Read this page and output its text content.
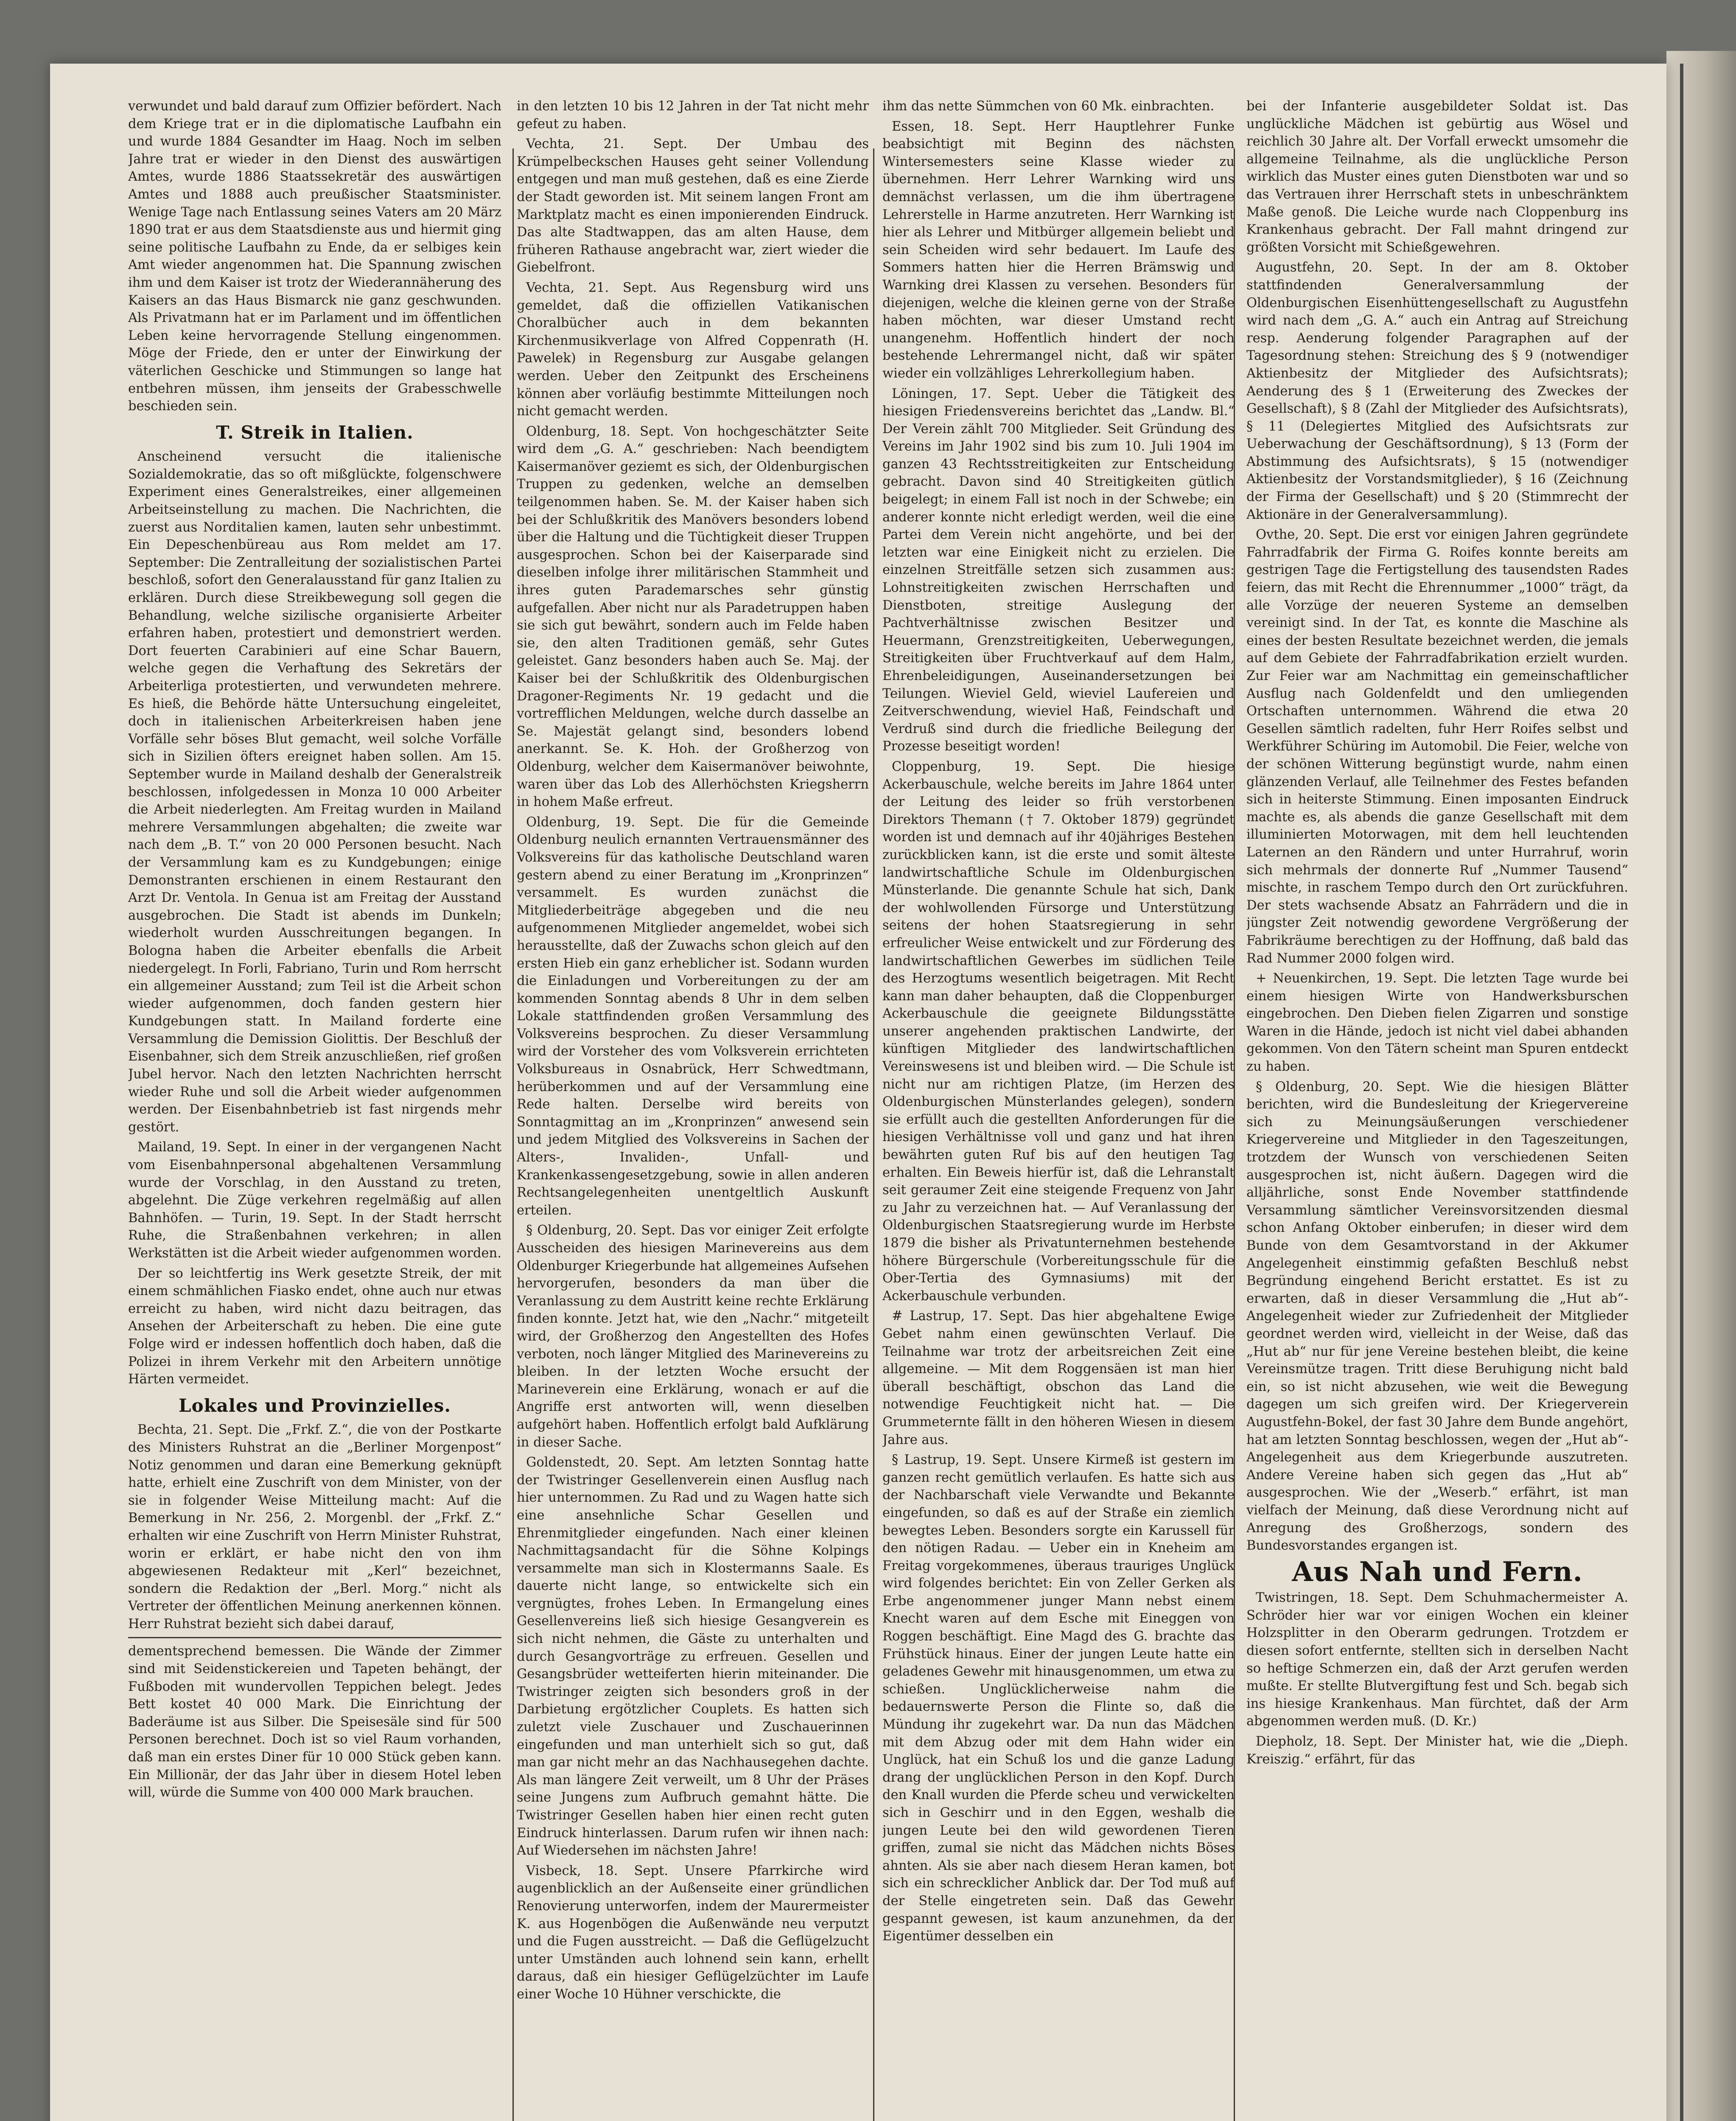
verwundet und bald darauf zum Offizier befördert. Nach dem Kriege trat er in die diplomatische Laufbahn ein und wurde 1884 Gesandter im Haag. Noch im selben Jahre trat er wieder in den Dienst des auswärtigen Amtes, wurde 1886 Staatssekretär des auswärtigen Amtes und 1888 auch preußischer Staatsminister. Wenige Tage nach Entlassung seines Vaters am 20 März 1890 trat er aus dem Staatsdienste aus und hiermit ging seine politische Laufbahn zu Ende, da er selbiges kein Amt wieder angenommen hat. Die Spannung zwischen ihm und dem Kaiser ist trotz der Wiederannäherung des Kaisers an das Haus Bismarck nie ganz geschwunden. Als Privatmann hat er im Parlament und im öffentlichen Leben keine hervorragende Stellung eingenommen. Möge der Friede, den er unter der Einwirkung der väterlichen Geschicke und Stimmungen so lange hat entbehren müssen, ihm jenseits der Grabesschwelle beschieden sein.

T. Streik in Italien.

Anscheinend versucht die italienische Sozialdemokratie, das so oft mißglückte, folgenschwere Experiment eines Generalstreikes, einer allgemeinen Arbeitseinstellung zu machen. Die Nachrichten, die zuerst aus Norditalien kamen, lauten sehr unbestimmt. Ein Depeschenbüreau aus Rom meldet am 17. September: Die Zentralleitung der sozialistischen Partei beschloß, sofort den Generalausstand für ganz Italien zu erklären. Durch diese Streikbewegung soll gegen die Behandlung, welche sizilische organisierte Arbeiter erfahren haben, protestiert und demonstriert werden. Dort feuerten Carabinieri auf eine Schar Bauern, welche gegen die Verhaftung des Sekretärs der Arbeiterliga protestierten, und verwundeten mehrere. Es hieß, die Behörde hätte Untersuchung eingeleitet, doch in italienischen Arbeiterkreisen haben jene Vorfälle sehr böses Blut gemacht, weil solche Vorfälle sich in Sizilien öfters ereignet haben sollen. Am 15. September wurde in Mailand deshalb der Generalstreik beschlossen, infolgedessen in Monza 10 000 Arbeiter die Arbeit niederlegten. Am Freitag wurden in Mailand mehrere Versammlungen abgehalten; die zweite war nach dem „B. T.“ von 20 000 Personen besucht. Nach der Versammlung kam es zu Kundgebungen; einige Demonstranten erschienen in einem Restaurant den Arzt Dr. Ventola. In Genua ist am Freitag der Ausstand ausgebrochen. Die Stadt ist abends im Dunkeln; wiederholt wurden Ausschreitungen begangen. In Bologna haben die Arbeiter ebenfalls die Arbeit niedergelegt. In Forli, Fabriano, Turin und Rom herrscht ein allgemeiner Ausstand; zum Teil ist die Arbeit schon wieder aufgenommen, doch fanden gestern hier Kundgebungen statt. In Mailand forderte eine Versammlung die Demission Giolittis. Der Beschluß der Eisenbahner, sich dem Streik anzuschließen, rief großen Jubel hervor. Nach den letzten Nachrichten herrscht wieder Ruhe und soll die Arbeit wieder aufgenommen werden. Der Eisenbahnbetrieb ist fast nirgends mehr gestört.

Mailand, 19. Sept. In einer in der vergangenen Nacht vom Eisenbahnpersonal abgehaltenen Versammlung wurde der Vorschlag, in den Ausstand zu treten, abgelehnt. Die Züge verkehren regelmäßig auf allen Bahnhöfen. — Turin, 19. Sept. In der Stadt herrscht Ruhe, die Straßenbahnen verkehren; in allen Werkstätten ist die Arbeit wieder aufgenommen worden.

Der so leichtfertig ins Werk gesetzte Streik, der mit einem schmählichen Fiasko endet, ohne auch nur etwas erreicht zu haben, wird nicht dazu beitragen, das Ansehen der Arbeiterschaft zu heben. Die eine gute Folge wird er indessen hoffentlich doch haben, daß die Polizei in ihrem Verkehr mit den Arbeitern unnötige Härten vermeidet.

Lokales und Provinzielles.

Bechta, 21. Sept. Die „Frkf. Z.“, die von der Postkarte des Ministers Ruhstrat an die „Berliner Morgenpost“ Notiz genommen und daran eine Bemerkung geknüpft hatte, erhielt eine Zuschrift von dem Minister, von der sie in folgender Weise Mitteilung macht: Auf die Bemerkung in Nr. 256, 2. Morgenbl. der „Frkf. Z.“ erhalten wir eine Zuschrift von Herrn Minister Ruhstrat, worin er erklärt, er habe nicht den von ihm abgewiesenen Redakteur mit „Kerl“ bezeichnet, sondern die Redaktion der „Berl. Morg.“ nicht als Vertreter der öffentlichen Meinung anerkennen können. Herr Ruhstrat bezieht sich dabei darauf,

dementsprechend bemessen. Die Wände der Zimmer sind mit Seidenstickereien und Tapeten behängt, der Fußboden mit wundervollen Teppichen belegt. Jedes Bett kostet 40 000 Mark. Die Einrichtung der Baderäume ist aus Silber. Die Speisesäle sind für 500 Personen berechnet. Doch ist so viel Raum vorhanden, daß man ein erstes Diner für 10 000 Stück geben kann. Ein Millionär, der das Jahr über in diesem Hotel leben will, würde die Summe von 400 000 Mark brauchen.

in den letzten 10 bis 12 Jahren in der Tat nicht mehr gefeut zu haben.

Vechta, 21. Sept. Der Umbau des Krümpelbeckschen Hauses geht seiner Vollendung entgegen und man muß gestehen, daß es eine Zierde der Stadt geworden ist. Mit seinem langen Front am Marktplatz macht es einen imponierenden Eindruck. Das alte Stadtwappen, das am alten Hause, dem früheren Rathause angebracht war, ziert wieder die Giebelfront.

Vechta, 21. Sept. Aus Regensburg wird uns gemeldet, daß die offiziellen Vatikanischen Choralbücher auch in dem bekannten Kirchenmusikverlage von Alfred Coppenrath (H. Pawelek) in Regensburg zur Ausgabe gelangen werden. Ueber den Zeitpunkt des Erscheinens können aber vorläufig bestimmte Mitteilungen noch nicht gemacht werden.

Oldenburg, 18. Sept. Von hochgeschätzter Seite wird dem „G. A.“ geschrieben: Nach beendigtem Kaisermanöver geziemt es sich, der Oldenburgischen Truppen zu gedenken, welche an demselben teilgenommen haben. Se. M. der Kaiser haben sich bei der Schlußkritik des Manövers besonders lobend über die Haltung und die Tüchtigkeit dieser Truppen ausgesprochen. Schon bei der Kaiserparade sind dieselben infolge ihrer militärischen Stammheit und ihres guten Parademarsches sehr günstig aufgefallen. Aber nicht nur als Paradetruppen haben sie sich gut bewährt, sondern auch im Felde haben sie, den alten Traditionen gemäß, sehr Gutes geleistet. Ganz besonders haben auch Se. Maj. der Kaiser bei der Schlußkritik des Oldenburgischen Dragoner-Regiments Nr. 19 gedacht und die vortrefflichen Meldungen, welche durch dasselbe an Se. Majestät gelangt sind, besonders lobend anerkannt. Se. K. Hoh. der Großherzog von Oldenburg, welcher dem Kaisermanöver beiwohnte, waren über das Lob des Allerhöchsten Kriegsherrn in hohem Maße erfreut.

Oldenburg, 19. Sept. Die für die Gemeinde Oldenburg neulich ernannten Vertrauensmänner des Volksvereins für das katholische Deutschland waren gestern abend zu einer Beratung im „Kronprinzen“ versammelt. Es wurden zunächst die Mitgliederbeiträge abgegeben und die neu aufgenommenen Mitglieder angemeldet, wobei sich herausstellte, daß der Zuwachs schon gleich auf den ersten Hieb ein ganz erheblicher ist. Sodann wurden die Einladungen und Vorbereitungen zu der am kommenden Sonntag abends 8 Uhr in dem selben Lokale stattfindenden großen Versammlung des Volksvereins besprochen. Zu dieser Versammlung wird der Vorsteher des vom Volksverein errichteten Volksbureaus in Osnabrück, Herr Schwedtmann, herüberkommen und auf der Versammlung eine Rede halten. Derselbe wird bereits von Sonntagmittag an im „Kronprinzen“ anwesend sein und jedem Mitglied des Volksvereins in Sachen der Alters-, Invaliden-, Unfall- und Krankenkassengesetzgebung, sowie in allen anderen Rechtsangelegenheiten unentgeltlich Auskunft erteilen.

§ Oldenburg, 20. Sept. Das vor einiger Zeit erfolgte Ausscheiden des hiesigen Marinevereins aus dem Oldenburger Kriegerbunde hat allgemeines Aufsehen hervorgerufen, besonders da man über die Veranlassung zu dem Austritt keine rechte Erklärung finden konnte. Jetzt hat, wie den „Nachr.“ mitgeteilt wird, der Großherzog den Angestellten des Hofes verboten, noch länger Mitglied des Marinevereins zu bleiben. In der letzten Woche ersucht der Marineverein eine Erklärung, wonach er auf die Angriffe erst antworten will, wenn dieselben aufgehört haben. Hoffentlich erfolgt bald Aufklärung in dieser Sache.

Goldenstedt, 20. Sept. Am letzten Sonntag hatte der Twistringer Gesellenverein einen Ausflug nach hier unternommen. Zu Rad und zu Wagen hatte sich eine ansehnliche Schar Gesellen und Ehrenmitglieder eingefunden. Nach einer kleinen Nachmittagsandacht für die Söhne Kolpings versammelte man sich in Klostermanns Saale. Es dauerte nicht lange, so entwickelte sich ein vergnügtes, frohes Leben. In Ermangelung eines Gesellenvereins ließ sich hiesige Gesangverein es sich nicht nehmen, die Gäste zu unterhalten und durch Gesangvorträge zu erfreuen. Gesellen und Gesangsbrüder wetteiferten hierin miteinander. Die Twistringer zeigten sich besonders groß in der Darbietung ergötzlicher Couplets. Es hatten sich zuletzt viele Zuschauer und Zuschauerinnen eingefunden und man unterhielt sich so gut, daß man gar nicht mehr an das Nachhausegehen dachte. Als man längere Zeit verweilt, um 8 Uhr der Präses seine Jungens zum Aufbruch gemahnt hätte. Die Twistringer Gesellen haben hier einen recht guten Eindruck hinterlassen. Darum rufen wir ihnen nach: Auf Wiedersehen im nächsten Jahre!

Visbeck, 18. Sept. Unsere Pfarrkirche wird augenblicklich an der Außenseite einer gründlichen Renovierung unterworfen, indem der Maurermeister K. aus Hogenbögen die Außenwände neu verputzt und die Fugen ausstreicht. — Daß die Geflügelzucht unter Umständen auch lohnend sein kann, erhellt daraus, daß ein hiesiger Geflügelzüchter im Laufe einer Woche 10 Hühner verschickte, die

ihm das nette Sümmchen von 60 Mk. einbrachten.

Essen, 18. Sept. Herr Hauptlehrer Funke beabsichtigt mit Beginn des nächsten Wintersemesters seine Klasse wieder zu übernehmen. Herr Lehrer Warnking wird uns demnächst verlassen, um die ihm übertragene Lehrerstelle in Harme anzutreten. Herr Warnking ist hier als Lehrer und Mitbürger allgemein beliebt und sein Scheiden wird sehr bedauert. Im Laufe des Sommers hatten hier die Herren Brämswig und Warnking drei Klassen zu versehen. Besonders für diejenigen, welche die kleinen gerne von der Straße haben möchten, war dieser Umstand recht unangenehm. Hoffentlich hindert der noch bestehende Lehrermangel nicht, daß wir später wieder ein vollzähliges Lehrerkollegium haben.

Löningen, 17. Sept. Ueber die Tätigkeit des hiesigen Friedensvereins berichtet das „Landw. Bl.“ Der Verein zählt 700 Mitglieder. Seit Gründung des Vereins im Jahr 1902 sind bis zum 10. Juli 1904 im ganzen 43 Rechtsstreitigkeiten zur Entscheidung gebracht. Davon sind 40 Streitigkeiten gütlich beigelegt; in einem Fall ist noch in der Schwebe; ein anderer konnte nicht erledigt werden, weil die eine Partei dem Verein nicht angehörte, und bei der letzten war eine Einigkeit nicht zu erzielen. Die einzelnen Streitfälle setzen sich zusammen aus: Lohnstreitigkeiten zwischen Herrschaften und Dienstboten, streitige Auslegung der Pachtverhältnisse zwischen Besitzer und Heuermann, Grenzstreitigkeiten, Ueberwegungen, Streitigkeiten über Fruchtverkauf auf dem Halm, Ehrenbeleidigungen, Auseinandersetzungen bei Teilungen. Wieviel Geld, wieviel Laufereien und Zeitverschwendung, wieviel Haß, Feindschaft und Verdruß sind durch die friedliche Beilegung der Prozesse beseitigt worden!

Cloppenburg, 19. Sept. Die hiesige Ackerbauschule, welche bereits im Jahre 1864 unter der Leitung des leider so früh verstorbenen Direktors Themann († 7. Oktober 1879) gegründet worden ist und demnach auf ihr 40jähriges Bestehen zurückblicken kann, ist die erste und somit älteste landwirtschaftliche Schule im Oldenburgischen Münsterlande. Die genannte Schule hat sich, Dank der wohlwollenden Fürsorge und Unterstützung seitens der hohen Staatsregierung in sehr erfreulicher Weise entwickelt und zur Förderung des landwirtschaftlichen Gewerbes im südlichen Teile des Herzogtums wesentlich beigetragen. Mit Recht kann man daher behaupten, daß die Cloppenburger Ackerbauschule die geeignete Bildungsstätte unserer angehenden praktischen Landwirte, der künftigen Mitglieder des landwirtschaftlichen Vereinswesens ist und bleiben wird. — Die Schule ist nicht nur am richtigen Platze, (im Herzen des Oldenburgischen Münsterlandes gelegen), sondern sie erfüllt auch die gestellten Anforderungen für die hiesigen Verhältnisse voll und ganz und hat ihren bewährten guten Ruf bis auf den heutigen Tag erhalten. Ein Beweis hierfür ist, daß die Lehranstalt seit geraumer Zeit eine steigende Frequenz von Jahr zu Jahr zu verzeichnen hat. — Auf Veranlassung der Oldenburgischen Staatsregierung wurde im Herbste 1879 die bisher als Privatunternehmen bestehende höhere Bürgerschule (Vorbereitungsschule für die Ober-Tertia des Gymnasiums) mit der Ackerbauschule verbunden.

# Lastrup, 17. Sept. Das hier abgehaltene Ewige Gebet nahm einen gewünschten Verlauf. Die Teilnahme war trotz der arbeitsreichen Zeit eine allgemeine. — Mit dem Roggensäen ist man hier überall beschäftigt, obschon das Land die notwendige Feuchtigkeit nicht hat. — Die Grummeternte fällt in den höheren Wiesen in diesem Jahre aus.

§ Lastrup, 19. Sept. Unsere Kirmeß ist gestern im ganzen recht gemütlich verlaufen. Es hatte sich aus der Nachbarschaft viele Verwandte und Bekannte eingefunden, so daß es auf der Straße ein ziemlich bewegtes Leben. Besonders sorgte ein Karussell für den nötigen Radau. — Ueber ein in Kneheim am Freitag vorgekommenes, überaus trauriges Unglück wird folgendes berichtet: Ein von Zeller Gerken als Erbe angenommener junger Mann nebst einem Knecht waren auf dem Esche mit Eineggen von Roggen beschäftigt. Eine Magd des G. brachte das Frühstück hinaus. Einer der jungen Leute hatte ein geladenes Gewehr mit hinausgenommen, um etwa zu schießen. Unglücklicherweise nahm die bedauernswerte Person die Flinte so, daß die Mündung ihr zugekehrt war. Da nun das Mädchen mit dem Abzug oder mit dem Hahn wider ein Unglück, hat ein Schuß los und die ganze Ladung drang der unglücklichen Person in den Kopf. Durch den Knall wurden die Pferde scheu und verwickelten sich in Geschirr und in den Eggen, weshalb die jungen Leute bei den wild gewordenen Tieren griffen, zumal sie nicht das Mädchen nichts Böses ahnten. Als sie aber nach diesem Heran kamen, bot sich ein schrecklicher Anblick dar. Der Tod muß auf der Stelle eingetreten sein. Daß das Gewehr gespannt gewesen, ist kaum anzunehmen, da der Eigentümer desselben ein

bei der Infanterie ausgebildeter Soldat ist. Das unglückliche Mädchen ist gebürtig aus Wösel und reichlich 30 Jahre alt. Der Vorfall erweckt umsomehr die allgemeine Teilnahme, als die unglückliche Person wirklich das Muster eines guten Dienstboten war und so das Vertrauen ihrer Herrschaft stets in unbeschränktem Maße genoß. Die Leiche wurde nach Cloppenburg ins Krankenhaus gebracht. Der Fall mahnt dringend zur größten Vorsicht mit Schießgewehren.

Augustfehn, 20. Sept. In der am 8. Oktober stattfindenden Generalversammlung der Oldenburgischen Eisenhüttengesellschaft zu Augustfehn wird nach dem „G. A.“ auch ein Antrag auf Streichung resp. Aenderung folgender Paragraphen auf der Tagesordnung stehen: Streichung des § 9 (notwendiger Aktienbesitz der Mitglieder des Aufsichtsrats); Aenderung des § 1 (Erweiterung des Zweckes der Gesellschaft), § 8 (Zahl der Mitglieder des Aufsichtsrats), § 11 (Delegiertes Mitglied des Aufsichtsrats zur Ueberwachung der Geschäftsordnung), § 13 (Form der Abstimmung des Aufsichtsrats), § 15 (notwendiger Aktienbesitz der Vorstandsmitglieder), § 16 (Zeichnung der Firma der Gesellschaft) und § 20 (Stimmrecht der Aktionäre in der Generalversammlung).

Ovthe, 20. Sept. Die erst vor einigen Jahren gegründete Fahrradfabrik der Firma G. Roifes konnte bereits am gestrigen Tage die Fertigstellung des tausendsten Rades feiern, das mit Recht die Ehrennummer „1000“ trägt, da alle Vorzüge der neueren Systeme an demselben vereinigt sind. In der Tat, es konnte die Maschine als eines der besten Resultate bezeichnet werden, die jemals auf dem Gebiete der Fahrradfabrikation erzielt wurden. Zur Feier war am Nachmittag ein gemeinschaftlicher Ausflug nach Goldenfeldt und den umliegenden Ortschaften unternommen. Während die etwa 20 Gesellen sämtlich radelten, fuhr Herr Roifes selbst und Werkführer Schüring im Automobil. Die Feier, welche von der schönen Witterung begünstigt wurde, nahm einen glänzenden Verlauf, alle Teilnehmer des Festes befanden sich in heiterste Stimmung. Einen imposanten Eindruck machte es, als abends die ganze Gesellschaft mit dem illuminierten Motorwagen, mit dem hell leuchtenden Laternen an den Rändern und unter Hurrahruf, worin sich mehrmals der donnerte Ruf „Nummer Tausend“ mischte, in raschem Tempo durch den Ort zurückfuhren. Der stets wachsende Absatz an Fahrrädern und die in jüngster Zeit notwendig gewordene Vergrößerung der Fabrikräume berechtigen zu der Hoffnung, daß bald das Rad Nummer 2000 folgen wird.

+ Neuenkirchen, 19. Sept. Die letzten Tage wurde bei einem hiesigen Wirte von Handwerksburschen eingebrochen. Den Dieben fielen Zigarren und sonstige Waren in die Hände, jedoch ist nicht viel dabei abhanden gekommen. Von den Tätern scheint man Spuren entdeckt zu haben.

§ Oldenburg, 20. Sept. Wie die hiesigen Blätter berichten, wird die Bundesleitung der Kriegervereine sich zu Meinungsäußerungen verschiedener Kriegervereine und Mitglieder in den Tageszeitungen, trotzdem der Wunsch von verschiedenen Seiten ausgesprochen ist, nicht äußern. Dagegen wird die alljährliche, sonst Ende November stattfindende Versammlung sämtlicher Vereinsvorsitzenden diesmal schon Anfang Oktober einberufen; in dieser wird dem Bunde von dem Gesamtvorstand in der Akkumer Angelegenheit einstimmig gefaßten Beschluß nebst Begründung eingehend Bericht erstattet. Es ist zu erwarten, daß in dieser Versammlung die „Hut ab“-Angelegenheit wieder zur Zufriedenheit der Mitglieder geordnet werden wird, vielleicht in der Weise, daß das „Hut ab“ nur für jene Vereine bestehen bleibt, die keine Vereinsmütze tragen. Tritt diese Beruhigung nicht bald ein, so ist nicht abzusehen, wie weit die Bewegung dagegen um sich greifen wird. Der Kriegerverein Augustfehn-Bokel, der fast 30 Jahre dem Bunde angehört, hat am letzten Sonntag beschlossen, wegen der „Hut ab“-Angelegenheit aus dem Kriegerbunde auszutreten. Andere Vereine haben sich gegen das „Hut ab“ ausgesprochen. Wie der „Weserb.“ erfährt, ist man vielfach der Meinung, daß diese Verordnung nicht auf Anregung des Großherzogs, sondern des Bundesvorstandes ergangen ist.

Aus Nah und Fern.

Twistringen, 18. Sept. Dem Schuhmachermeister A. Schröder hier war vor einigen Wochen ein kleiner Holzsplitter in den Oberarm gedrungen. Trotzdem er diesen sofort entfernte, stellten sich in derselben Nacht so heftige Schmerzen ein, daß der Arzt gerufen werden mußte. Er stellte Blutvergiftung fest und Sch. begab sich ins hiesige Krankenhaus. Man fürchtet, daß der Arm abgenommen werden muß. (D. Kr.)

Diepholz, 18. Sept. Der Minister hat, wie die „Dieph. Kreiszig.“ erfährt, für das
